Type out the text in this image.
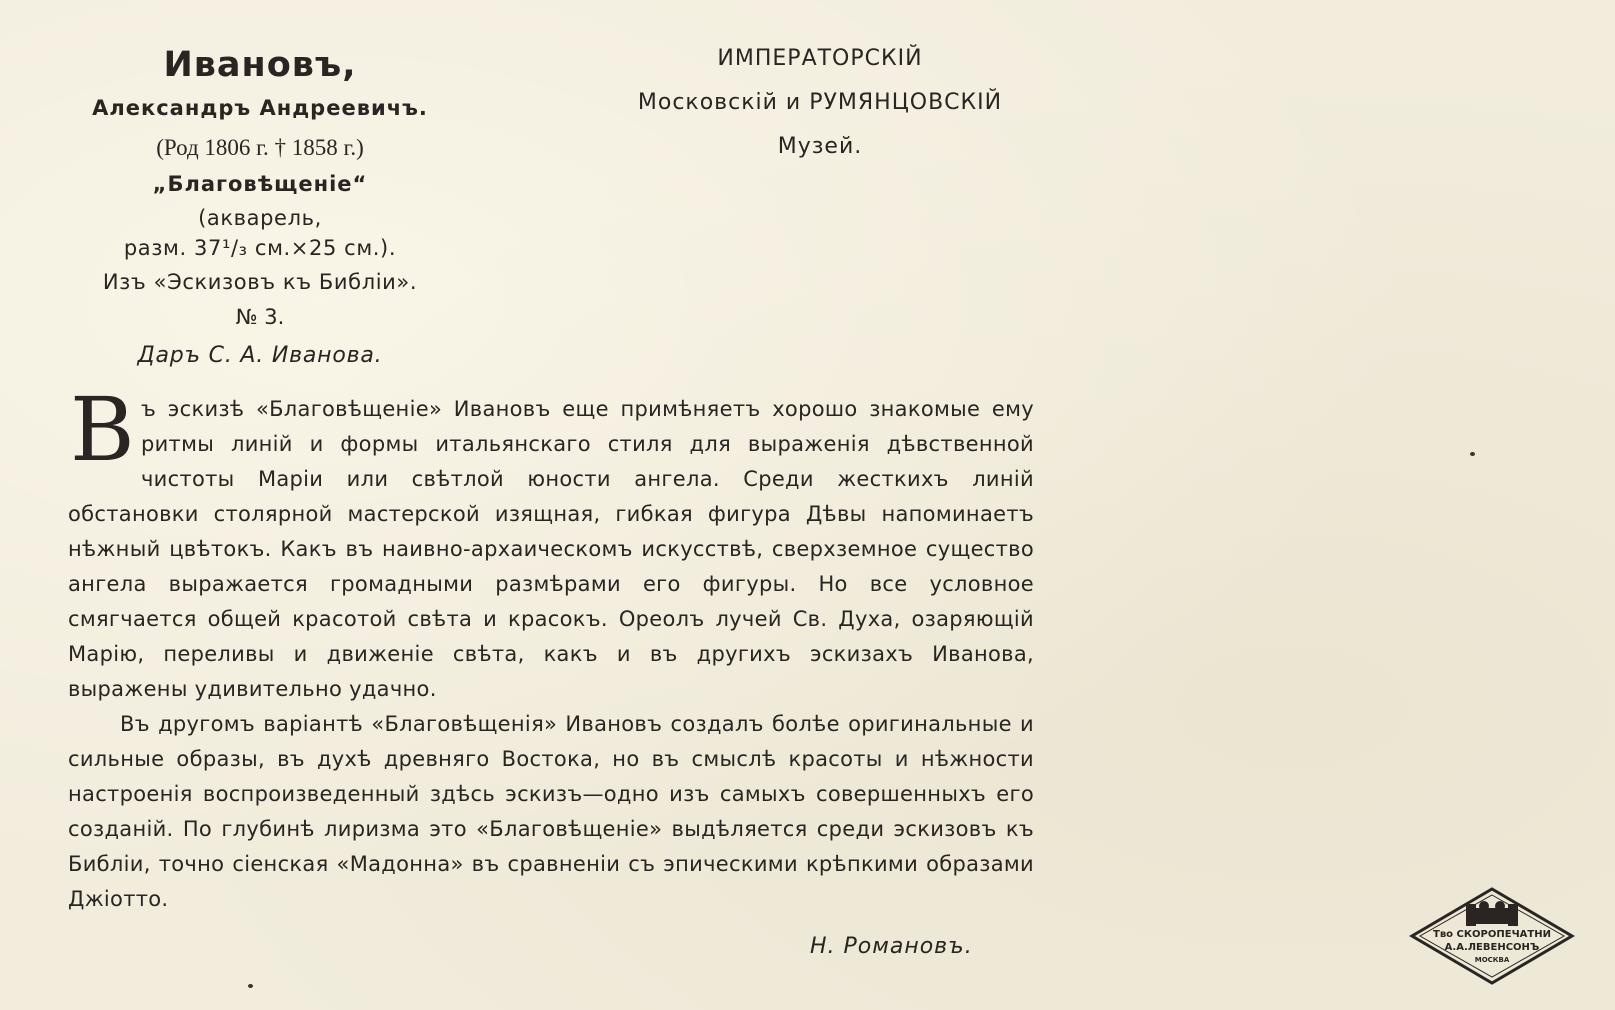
Ивановъ,
Александръ Андреевичъ.
(Род 1806 г. † 1858 г.)
„Благовѣщеніе“
(акварель,
разм. 37¹/₃ см.⨯25 см.).
Изъ «Эскизовъ къ Библіи».
№ 3.
Даръ С. А. Иванова.
ИМПЕРАТОРСКІЙ
Московскій и РУМЯНЦОВСКІЙ
Музей.

Въ эскизѣ «Благовѣщеніе» Ивановъ еще примѣняетъ хорошо знакомые ему ритмы линій и формы итальянскаго стиля для выраженія дѣвственной чистоты Маріи или свѣтлой юности ангела. Среди жесткихъ линій обстановки столярной мастерской изящная, гибкая фигура Дѣвы напоминаетъ нѣжный цвѣтокъ. Какъ въ наивно-архаическомъ искусствѣ, сверхземное существо ангела выражается громадными размѣрами его фигуры. Но все условное смягчается общей красотой свѣта и красокъ. Ореолъ лучей Св. Духа, озаряющій Марію, переливы и движеніе свѣта, какъ и въ другихъ эскизахъ Иванова, выражены удивительно удачно.

Въ другомъ варіантѣ «Благовѣщенія» Ивановъ создалъ болѣе оригинальные и сильные образы, въ духѣ древняго Востока, но въ смыслѣ красоты и нѣжности настроенія воспроизведенный здѣсь эскизъ—одно изъ самыхъ совершенныхъ его созданій. По глубинѣ лиризма это «Благовѣщеніе» выдѣляется среди эскизовъ къ Библіи, точно сіенская «Мадонна» въ сравненіи съ эпическими крѣпкими образами Джіотто.

Н. Романовъ.	Тво СКОРОПЕЧАТНИ
А.А.ЛЕВЕНСОНЪ
МОСКВА
